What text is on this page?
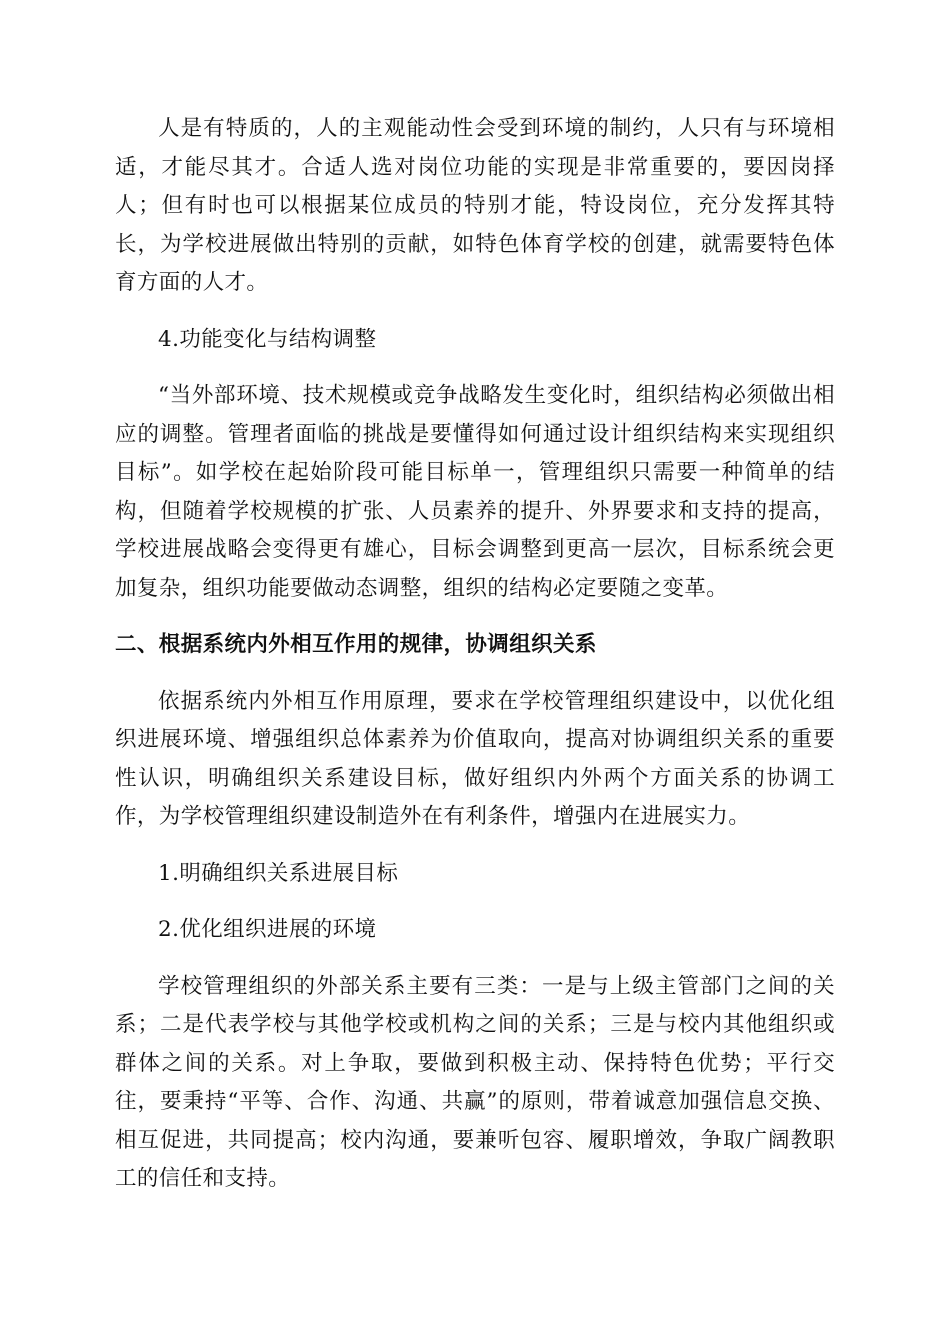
人是有特质的，人的主观能动性会受到环境的制约，人只有与环境相适，才能尽其才。合适人选对岗位功能的实现是非常重要的，要因岗择人；但有时也可以根据某位成员的特别才能，特设岗位，充分发挥其特长，为学校进展做出特别的贡献，如特色体育学校的创建，就需要特色体育方面的人才。

4.功能变化与结构调整

“当外部环境、技术规模或竞争战略发生变化时，组织结构必须做出相应的调整。管理者面临的挑战是要懂得如何通过设计组织结构来实现组织目标”。如学校在起始阶段可能目标单一，管理组织只需要一种简单的结构，但随着学校规模的扩张、人员素养的提升、外界要求和支持的提高，学校进展战略会变得更有雄心，目标会调整到更高一层次，目标系统会更加复杂，组织功能要做动态调整，组织的结构必定要随之变革。

二、根据系统内外相互作用的规律，协调组织关系

依据系统内外相互作用原理，要求在学校管理组织建设中，以优化组织进展环境、增强组织总体素养为价值取向，提高对协调组织关系的重要性认识，明确组织关系建设目标，做好组织内外两个方面关系的协调工作，为学校管理组织建设制造外在有利条件，增强内在进展实力。

1.明确组织关系进展目标

2.优化组织进展的环境

学校管理组织的外部关系主要有三类：一是与上级主管部门之间的关系；二是代表学校与其他学校或机构之间的关系；三是与校内其他组织或群体之间的关系。对上争取，要做到积极主动、保持特色优势；平行交往，要秉持“平等、合作、沟通、共赢”的原则，带着诚意加强信息交换、相互促进，共同提高；校内沟通，要兼听包容、履职增效，争取广阔教职工的信任和支持。
